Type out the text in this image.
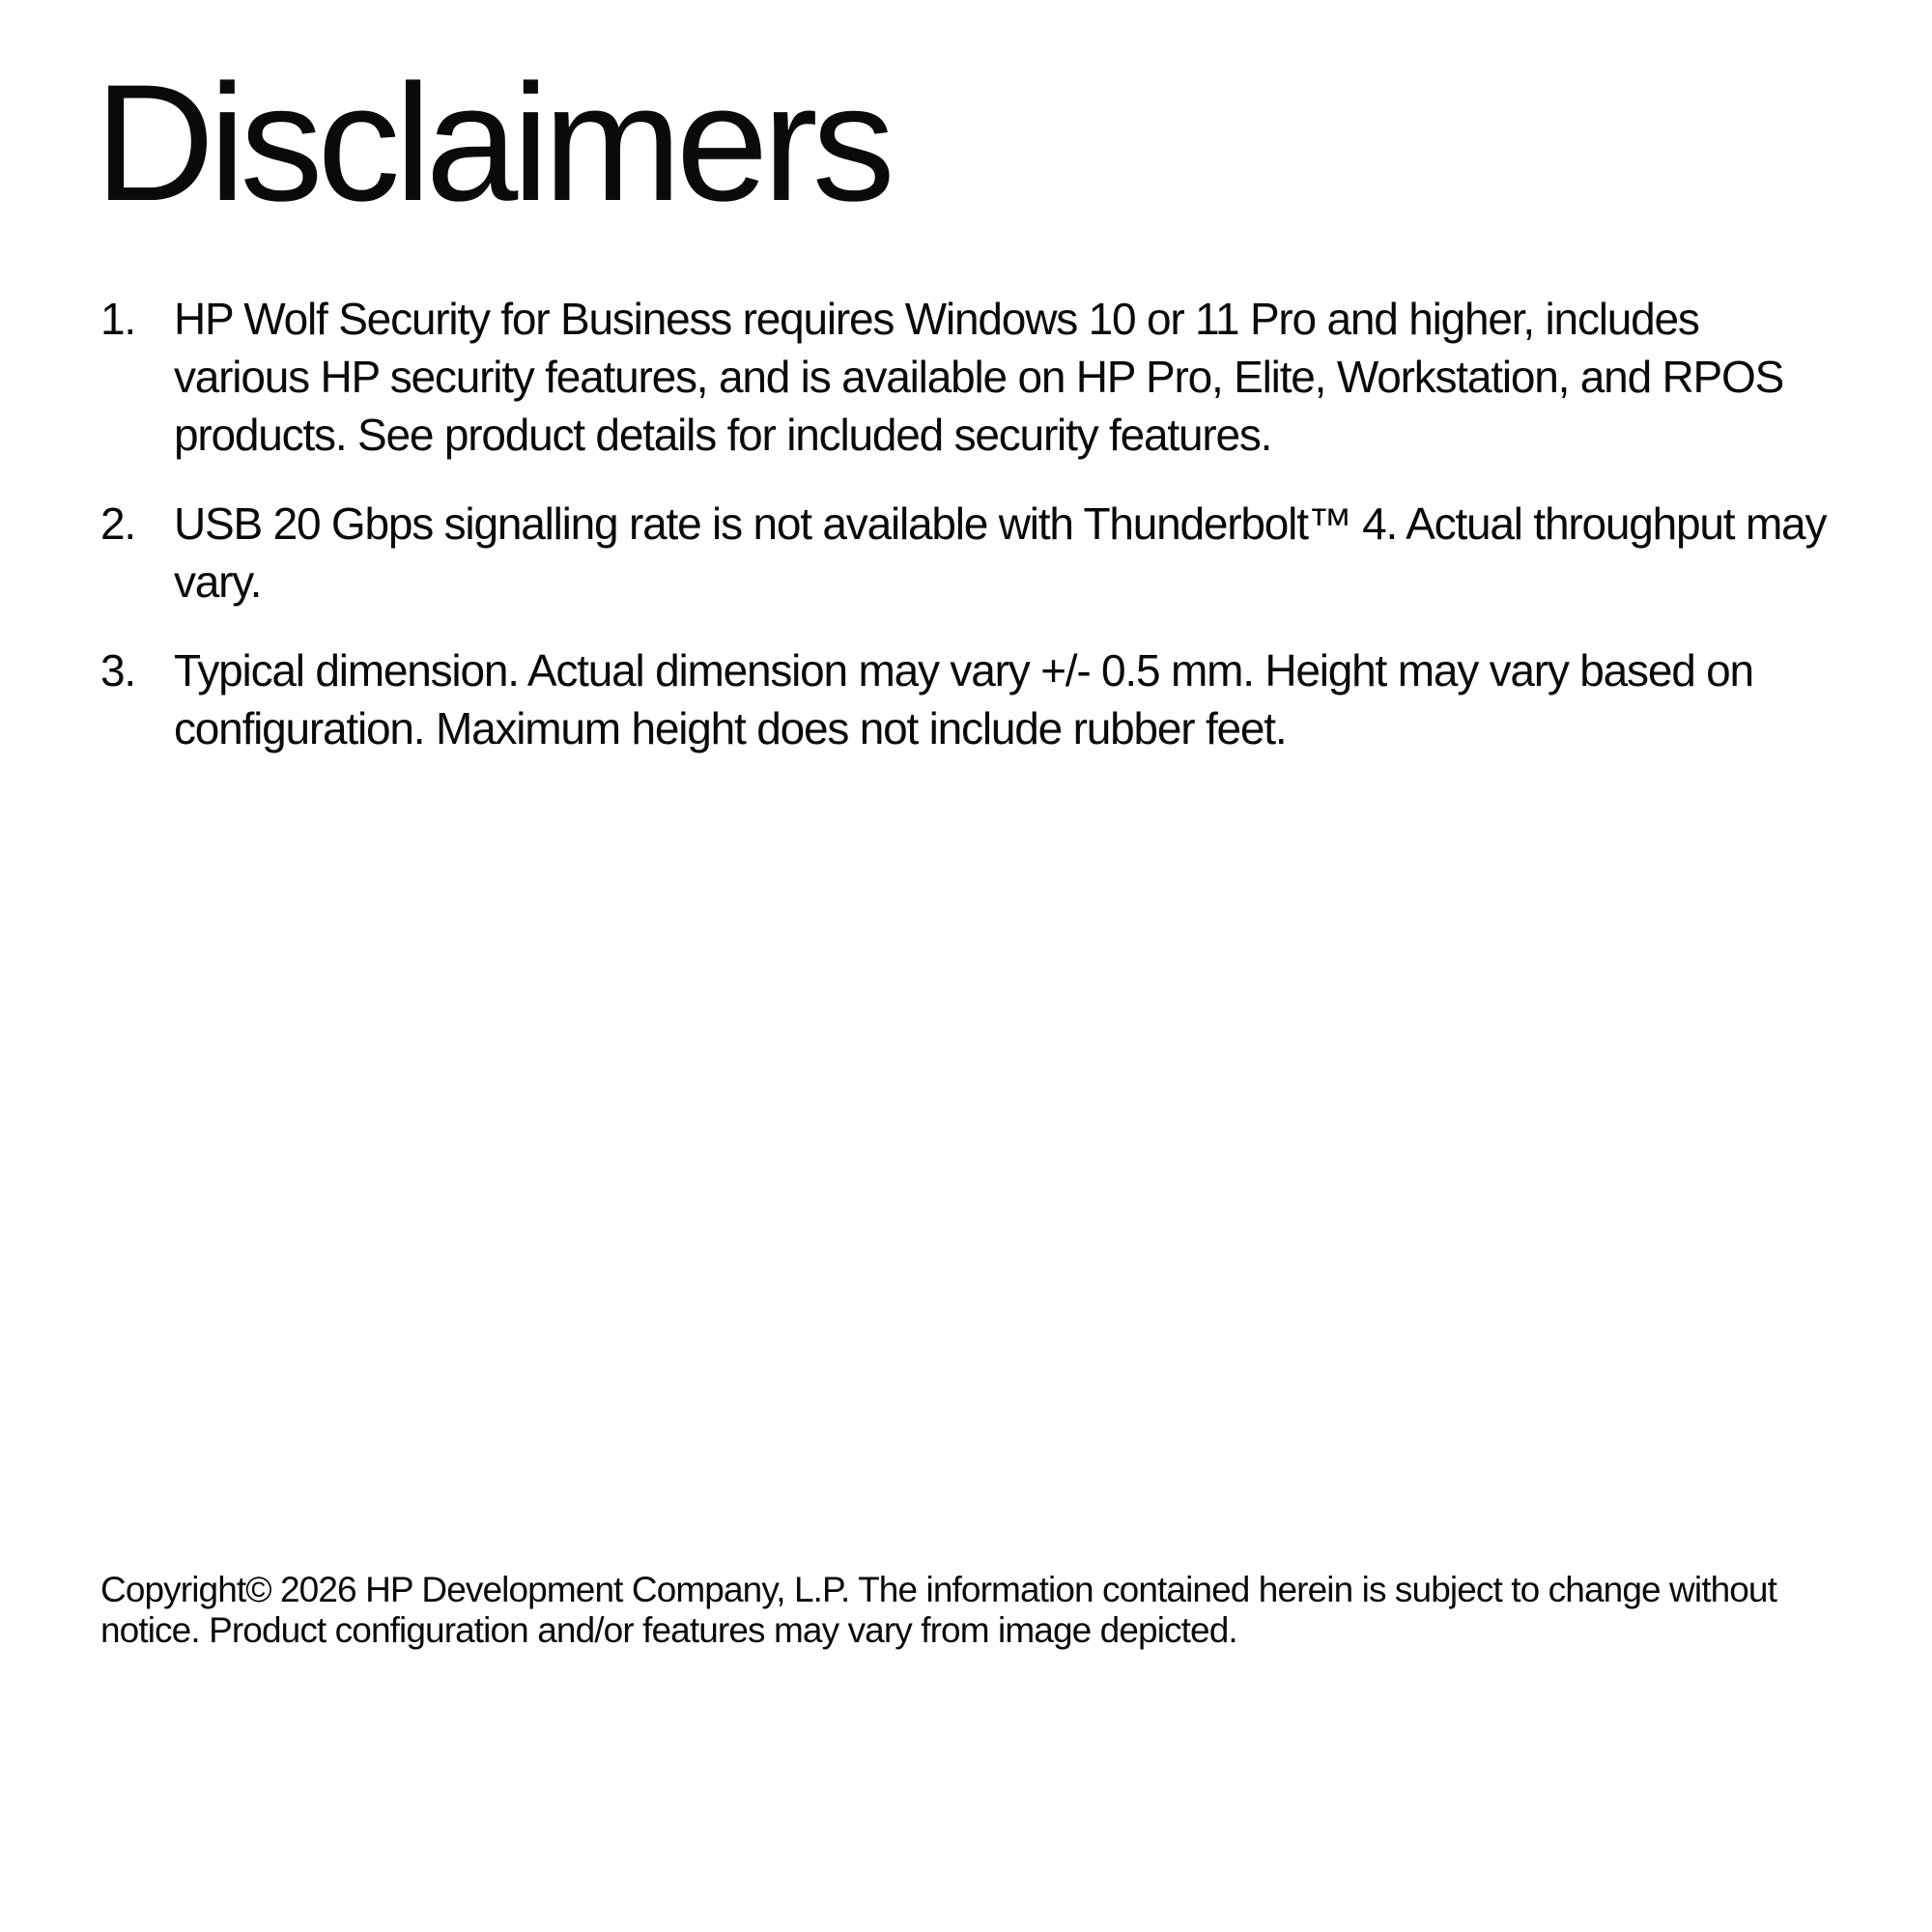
Disclaimers
1. HP Wolf Security for Business requires Windows 10 or 11 Pro and higher, includes various HP security features, and is available on HP Pro, Elite, Workstation, and RPOS products. See product details for included security features.
2. USB 20 Gbps signalling rate is not available with Thunderbolt™ 4. Actual throughput may vary.
3. Typical dimension. Actual dimension may vary +/- 0.5 mm. Height may vary based on configuration. Maximum height does not include rubber feet.

Copyright© 2026 HP Development Company, L.P. The information contained herein is subject to change without notice. Product configuration and/or features may vary from image depicted.
